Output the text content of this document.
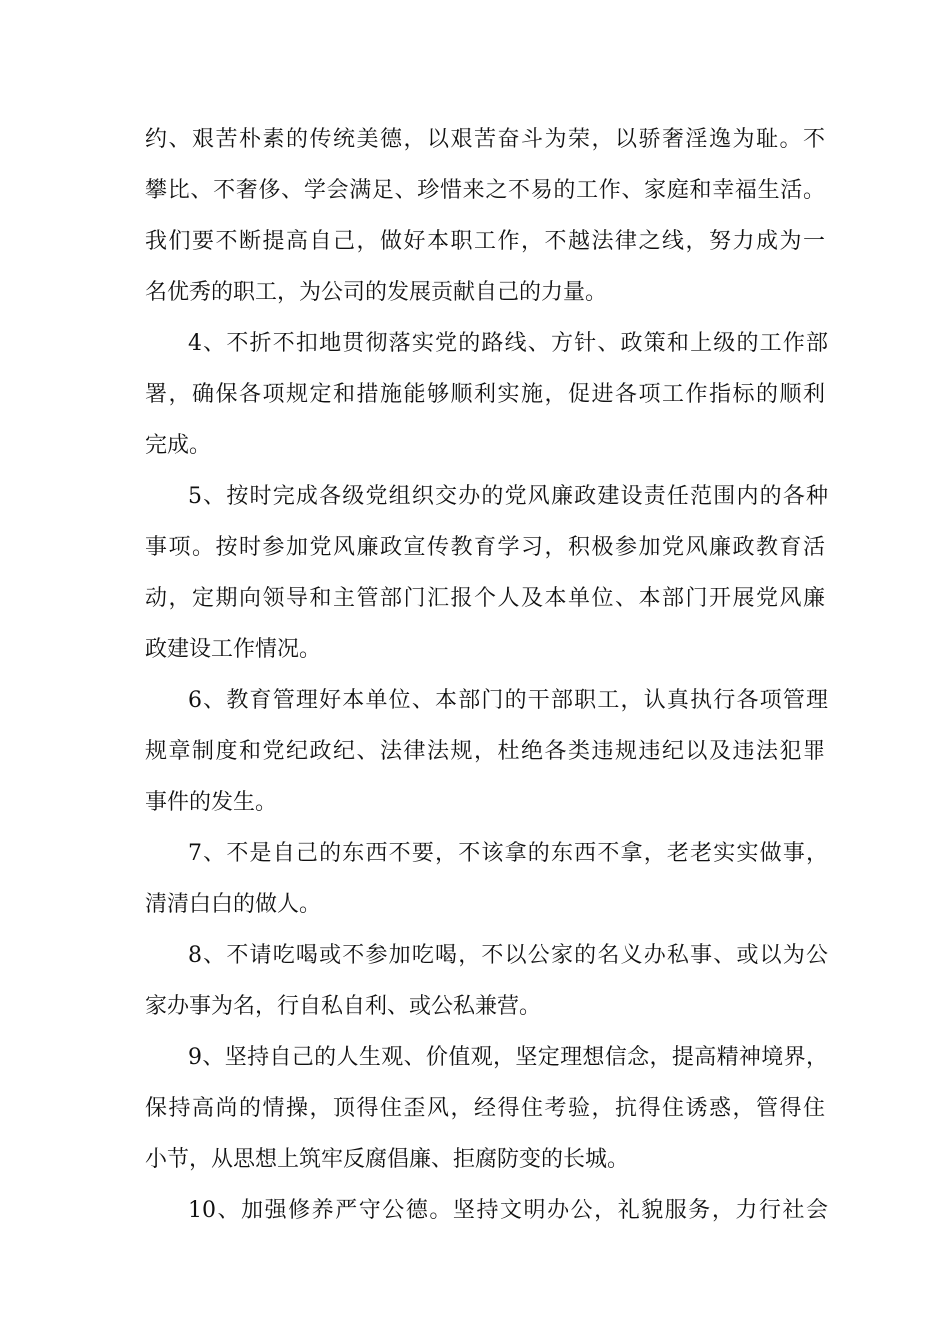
约、艰苦朴素的传统美德，以艰苦奋斗为荣，以骄奢淫逸为耻。不
攀比、不奢侈、学会满足、珍惜来之不易的工作、家庭和幸福生活。
我们要不断提高自己，做好本职工作，不越法律之线，努力成为一
名优秀的职工，为公司的发展贡献自己的力量。
4、不折不扣地贯彻落实党的路线、方针、政策和上级的工作部
署，确保各项规定和措施能够顺利实施，促进各项工作指标的顺利
完成。
5、按时完成各级党组织交办的党风廉政建设责任范围内的各种
事项。按时参加党风廉政宣传教育学习，积极参加党风廉政教育活
动，定期向领导和主管部门汇报个人及本单位、本部门开展党风廉
政建设工作情况。
6、教育管理好本单位、本部门的干部职工，认真执行各项管理
规章制度和党纪政纪、法律法规，杜绝各类违规违纪以及违法犯罪
事件的发生。
7、不是自己的东西不要，不该拿的东西不拿，老老实实做事，
清清白白的做人。
8、不请吃喝或不参加吃喝，不以公家的名义办私事、或以为公
家办事为名，行自私自利、或公私兼营。
9、坚持自己的人生观、价值观，坚定理想信念，提高精神境界，
保持高尚的情操，顶得住歪风，经得住考验，抗得住诱惑，管得住
小节，从思想上筑牢反腐倡廉、拒腐防变的长城。
10、加强修养严守公德。坚持文明办公，礼貌服务，力行社会
